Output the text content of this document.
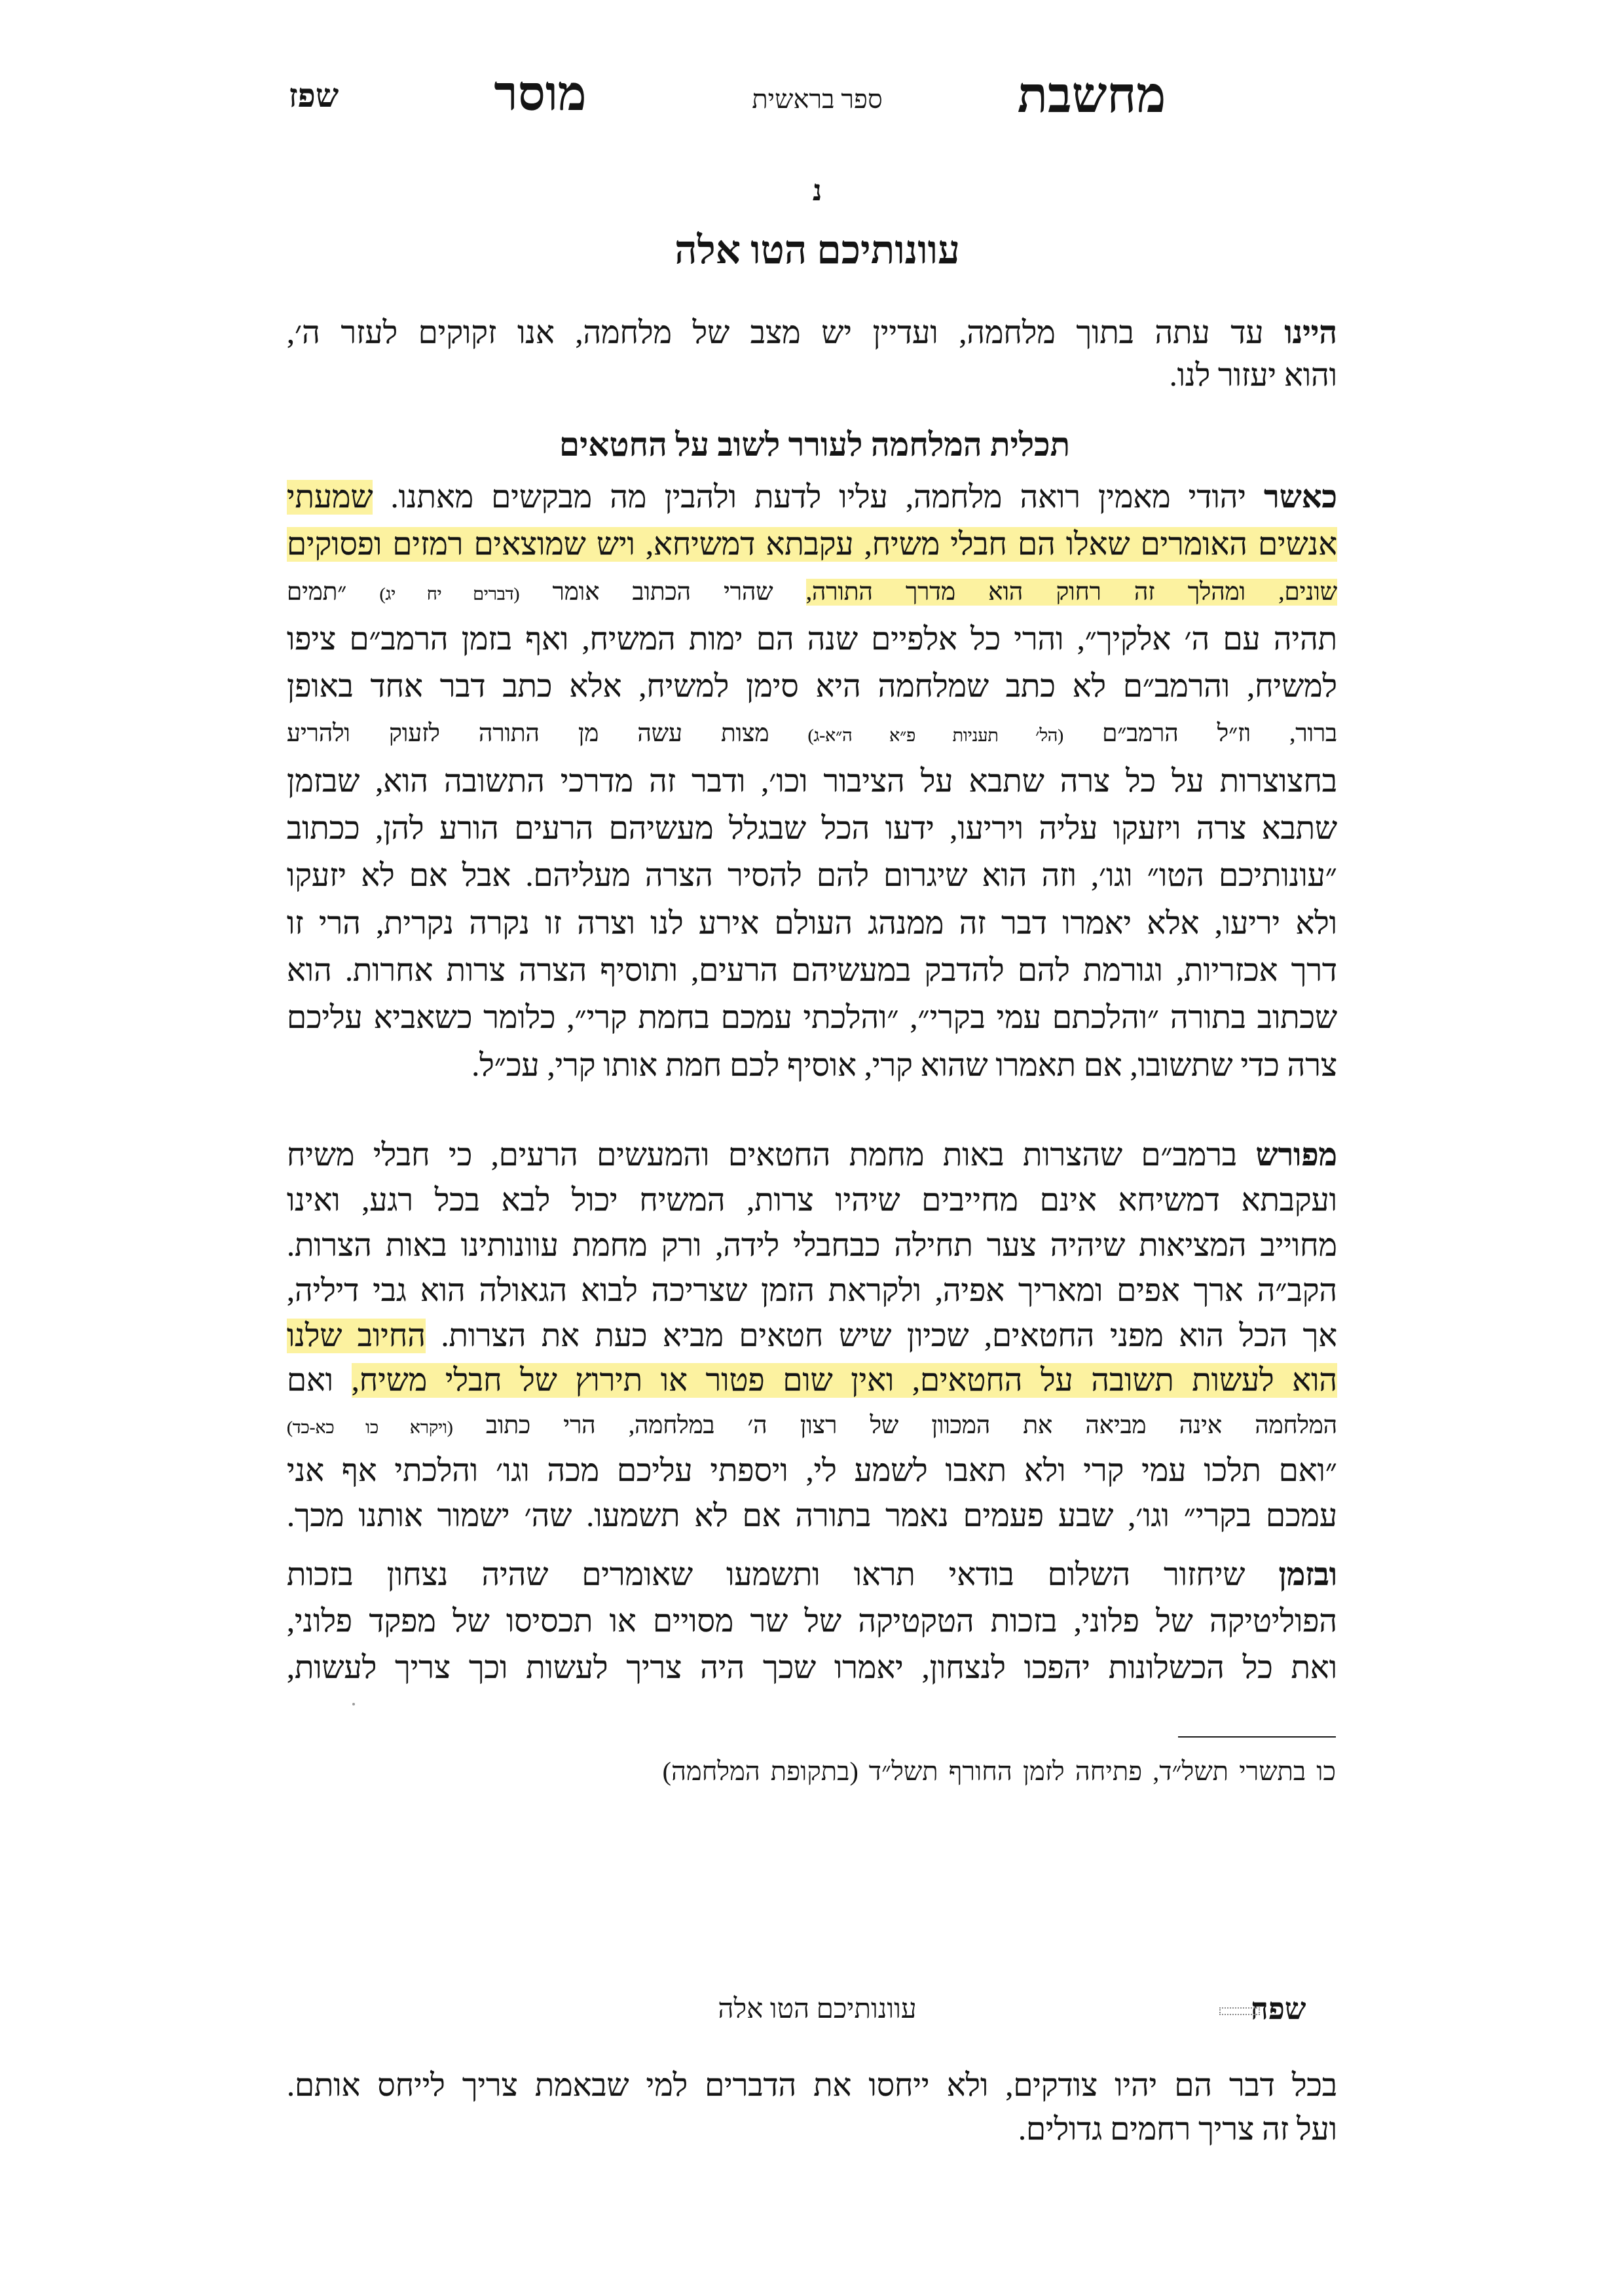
מחשבת
ספר בראשית
מוסר
שפז
נ
עוונותיכם הטו אלה
היינו עד עתה בתוך מלחמה, ועדיין יש מצב של מלחמה, אנו זקוקים לעזר ה׳,
והוא יעזור לנו.
תכלית המלחמה לעורר לשוב על החטאים
כאשר יהודי מאמין רואה מלחמה, עליו לדעת ולהבין מה מבקשים מאתנו. שמעתי
אנשים האומרים שאלו הם חבלי משיח, עקבתא דמשיחא, ויש שמוצאים רמזים ופסוקים
שונים, ומהלך זה רחוק הוא מדרך התורה, שהרי הכתוב אומר (דברים יח יג) ״תמים
תהיה עם ה׳ אלקיך״, והרי כל אלפיים שנה הם ימות המשיח, ואף בזמן הרמב״ם ציפו
למשיח, והרמב״ם לא כתב שמלחמה היא סימן למשיח, אלא כתב דבר אחד באופן
ברור, וז״ל הרמב״ם (הל׳ תעניות פ״א ה״א-ג) מצות עשה מן התורה לזעוק ולהריע
בחצוצרות על כל צרה שתבא על הציבור וכו׳, ודבר זה מדרכי התשובה הוא, שבזמן
שתבא צרה ויזעקו עליה ויריעו, ידעו הכל שבגלל מעשיהם הרעים הורע להן, ככתוב
״עונותיכם הטו״ וגו׳, וזה הוא שיגרום להם להסיר הצרה מעליהם. אבל אם לא יזעקו
ולא יריעו, אלא יאמרו דבר זה ממנהג העולם אירע לנו וצרה זו נקרה נקרית, הרי זו
דרך אכזריות, וגורמת להם להדבק במעשיהם הרעים, ותוסיף הצרה צרות אחרות. הוא
שכתוב בתורה ״והלכתם עמי בקרי״, ״והלכתי עמכם בחמת קרי״, כלומר כשאביא עליכם
צרה כדי שתשובו, אם תאמרו שהוא קרי, אוסיף לכם חמת אותו קרי, עכ״ל.
מפורש ברמב״ם שהצרות באות מחמת החטאים והמעשים הרעים, כי חבלי משיח
ועקבתא דמשיחא אינם מחייבים שיהיו צרות, המשיח יכול לבא בכל רגע, ואינו
מחוייב המציאות שיהיה צער תחילה כבחבלי לידה, ורק מחמת עוונותינו באות הצרות.
הקב״ה ארך אפים ומאריך אפיה, ולקראת הזמן שצריכה לבוא הגאולה הוא גבי דיליה,
אך הכל הוא מפני החטאים, שכיון שיש חטאים מביא כעת את הצרות. החיוב שלנו
הוא לעשות תשובה על החטאים, ואין שום פטור או תירוץ של חבלי משיח, ואם
המלחמה אינה מביאה את המכוון של רצון ה׳ במלחמה, הרי כתוב (ויקרא כו כא-כד)
״ואם תלכו עמי קרי ולא תאבו לשמע לי, ויספתי עליכם מכה וגו׳ והלכתי אף אני
עמכם בקרי״ וגו׳, שבע פעמים נאמר בתורה אם לא תשמעו. שה׳ ישמור אותנו מכך.
ובזמן שיחזור השלום בודאי תראו ותשמעו שאומרים שהיה נצחון בזכות
הפוליטיקה של פלוני, בזכות הטקטיקה של שר מסויים או תכסיסו של מפקד פלוני,
ואת כל הכשלונות יהפכו לנצחון, יאמרו שכך היה צריך לעשות וכך צריך לעשות,
כו בתשרי תשל״ד, פתיחה לזמן החורף תשל״ד (בתקופת המלחמה)
שפח
עוונותיכם הטו אלה
בכל דבר הם יהיו צודקים, ולא ייחסו את הדברים למי שבאמת צריך לייחס אותם.
ועל זה צריך רחמים גדולים.
